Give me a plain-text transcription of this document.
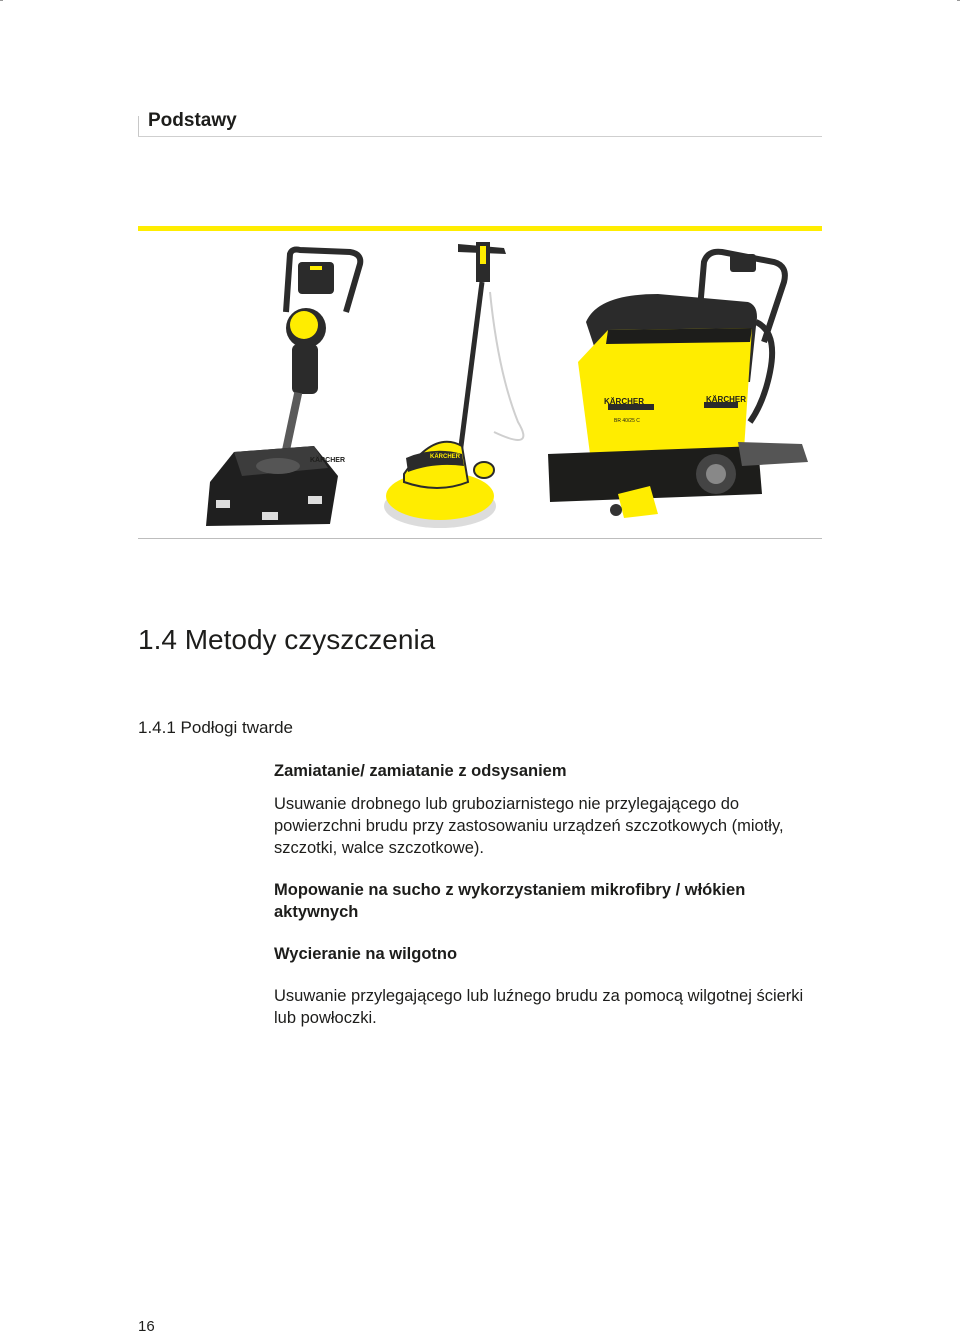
Podstawy
KÄRCHER	KÄRCHER
KÄRCHER	KÄRCHER
BR 40/25 C
1.4 Metody czyszczenia
1.4.1 Podłogi twarde
Zamiatanie/ zamiatanie z odsysaniem

Usuwanie drobnego lub gruboziarnistego nie przylegającego do powierzchni brudu przy zastosowaniu urządzeń szczotkowych (miotły, szczotki, walce szczotkowe).

Mopowanie na sucho z wykorzystaniem mikrofibry / włókien aktywnych
Wycieranie na wilgotno

Usuwanie przylegającego lub luźnego brudu za pomocą wilgotnej ścierki lub powłoczki.

16
